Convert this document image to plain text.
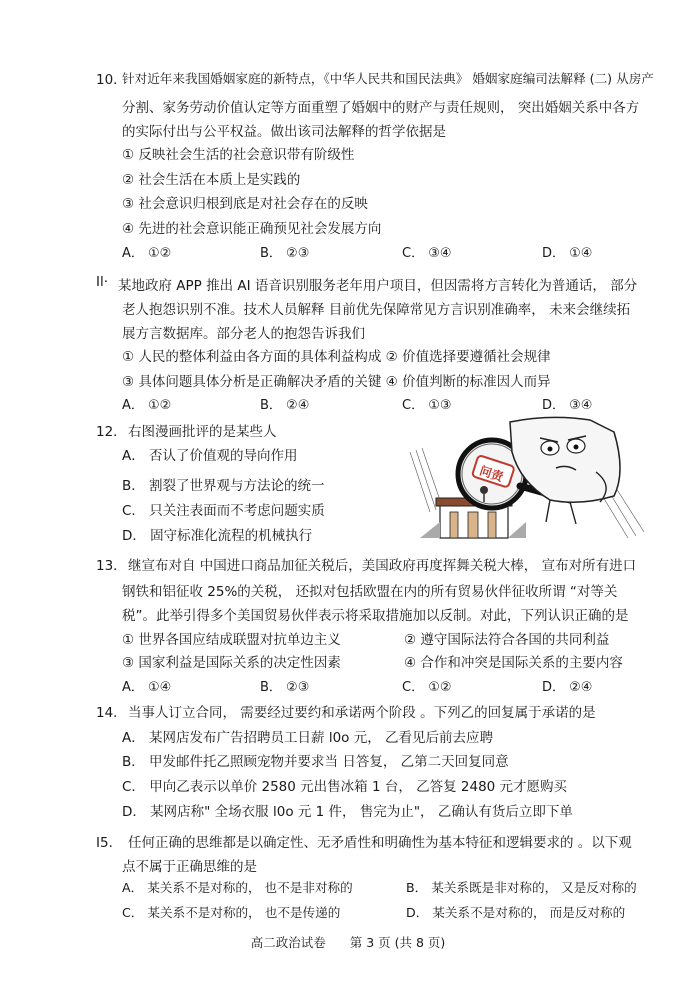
10．
针对近年来我国婚姻家庭的新特点，《中华人民共和国民法典》 婚姻家庭编司法解释 (二) 从房产
分割、家务劳动价值认定等方面重塑了婚姻中的财产与责任规则， 突出婚姻关系中各方
的实际付出与公平权益。做出该司法解释的哲学依据是
① 反映社会生活的社会意识带有阶级性
② 社会生活在本质上是实践的
③ 社会意识归根到底是对社会存在的反映
④ 先进的社会意识能正确预见社会发展方向
A． ①②	B． ②③	C． ③④	D． ①④
Il· 某地政府 APP 推出 AI 语音识别服务老年用户项目，但因需将方言转化为普通话， 部分
老人抱怨识别不准。技术人员解释 目前优先保障常见方言识别准确率， 未来会继续拓
展方言数据库。部分老人的抱怨告诉我们
① 人民的整体利益由各方面的具体利益构成 ② 价值选择要遵循社会规律
③ 具体问题具体分析是正确解决矛盾的关键 ④ 价值判断的标准因人而异
A． ①②	B． ②④	C． ①③	D． ③④
12． 右图漫画批评的是某些人
A． 否认了价值观的导向作用
B． 割裂了世界观与方法论的统一
C． 只关注表面而不考虑问题实质
D． 固守标准化流程的机械执行
问责
13． 继宣布对自 中国进口商品加征关税后，美国政府再度挥舞关税大棒， 宣布对所有进口
钢铁和铝征收 25%的关税， 还拟对包括欧盟在内的所有贸易伙伴征收所谓 “对等关
税”。此举引得多个美国贸易伙伴表示将采取措施加以反制。对此，下列认识正确的是
① 世界各国应结成联盟对抗单边主义	② 遵守国际法符合各国的共同利益
③ 国家利益是国际关系的决定性因素	④ 合作和冲突是国际关系的主要内容
A． ①④	B． ②③	C． ①②	D． ②④
14． 当事人订立合同， 需要经过要约和承诺两个阶段 。下列乙的回复属于承诺的是
A． 某网店发布广告招聘员工日薪 l0o 元， 乙看见后前去应聘
B． 甲发邮件托乙照顾宠物并要求当 日答复， 乙第二天回复同意
C． 甲向乙表示以单价 2580 元出售冰箱 1 台， 乙答复 2480 元才愿购买
D． 某网店称" 全场衣服 l0o 元 1 件， 售完为止"， 乙确认有货后立即下单
I5． 任何正确的思维都是以确定性、无矛盾性和明确性为基本特征和逻辑要求的 。以下观
点不属于正确思维的是
A． 某关系不是对称的， 也不是非对称的	B． 某关系既是非对称的， 又是反对称的
C． 某关系不是对称的， 也不是传递的	D． 某关系不是对称的， 而是反对称的
高二政治试卷 第 3 页 (共 8 页)
